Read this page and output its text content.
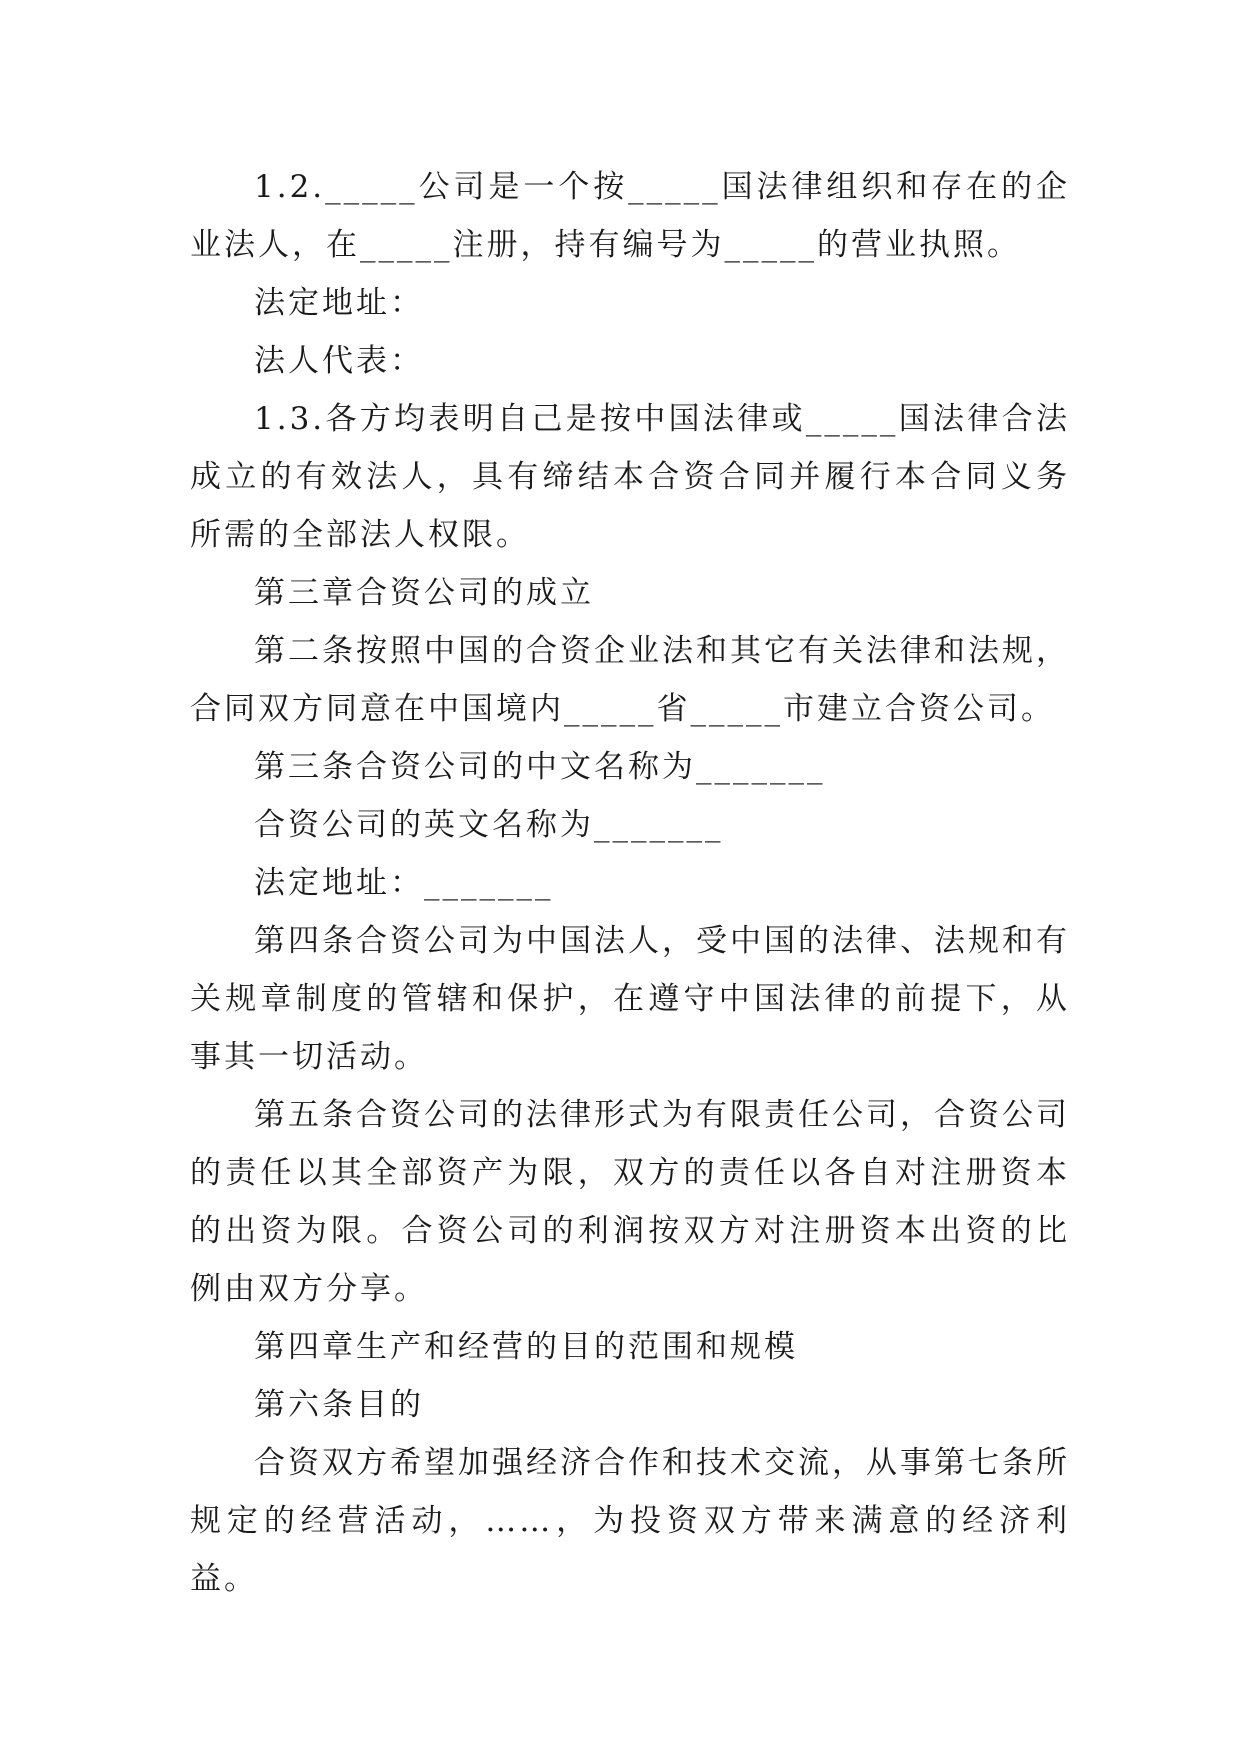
1.2._____公司是一个按_____国法律组织和存在的企业法人，在_____注册，持有编号为_____的营业执照。

法定地址：

法人代表：

1.3.各方均表明自己是按中国法律或_____国法律合法成立的有效法人，具有缔结本合资合同并履行本合同义务所需的全部法人权限。

第三章合资公司的成立

第二条按照中国的合资企业法和其它有关法律和法规，合同双方同意在中国境内_____省_____市建立合资公司。

第三条合资公司的中文名称为_______

合资公司的英文名称为_______

法定地址：_______

第四条合资公司为中国法人，受中国的法律、法规和有关规章制度的管辖和保护，在遵守中国法律的前提下，从事其一切活动。

第五条合资公司的法律形式为有限责任公司，合资公司的责任以其全部资产为限，双方的责任以各自对注册资本的出资为限。合资公司的利润按双方对注册资本出资的比例由双方分享。

第四章生产和经营的目的范围和规模

第六条目的

合资双方希望加强经济合作和技术交流，从事第七条所规定的经营活动，……，为投资双方带来满意的经济利益。
